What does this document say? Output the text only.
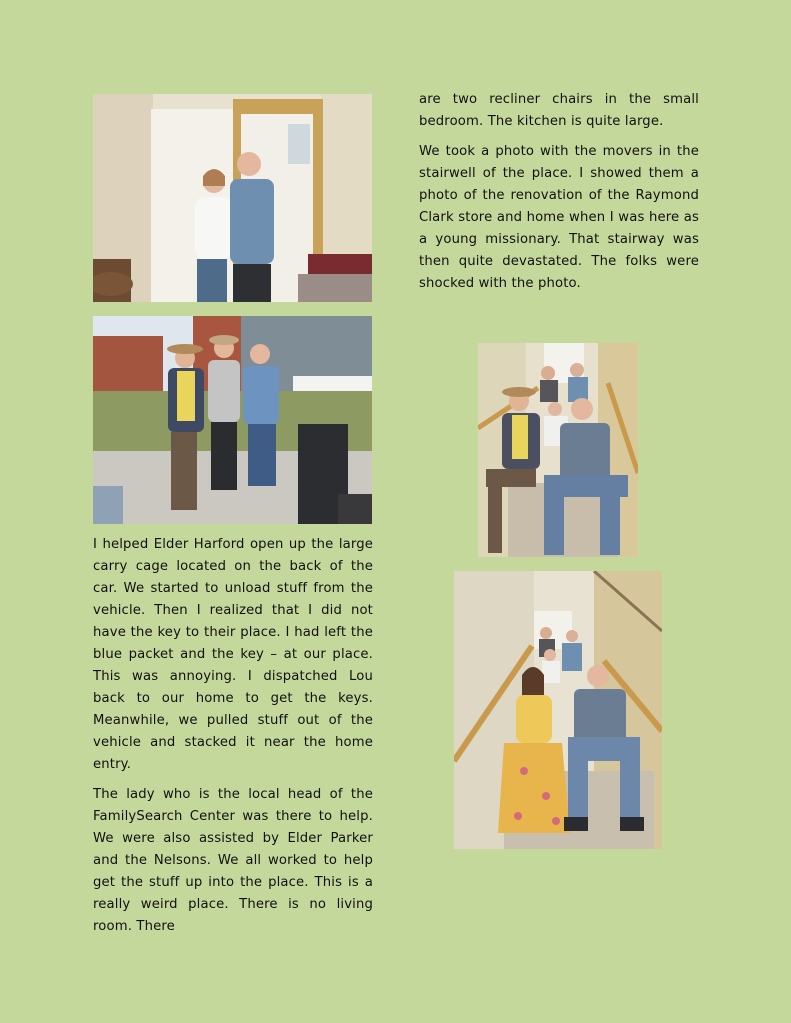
are two recliner chairs in the small bedroom. The kitchen is quite large.

We took a photo with the movers in the stairwell of the place. I showed them a photo of the renovation of the Raymond Clark store and home when I was here as a young missionary. That stairway was then quite devastated. The folks were shocked with the photo.

I helped Elder Harford open up the large carry cage located on the back of the car. We started to unload stuff from the vehicle. Then I realized that I did not have the key to their place. I had left the blue packet and the key – at our place. This was annoying. I dispatched Lou back to our home to get the keys. Meanwhile, we pulled stuff out of the vehicle and stacked it near the home entry.

The lady who is the local head of the FamilySearch Center was there to help. We were also assisted by Elder Parker and the Nelsons. We all worked to help get the stuff up into the place. This is a really weird place. There is no living room. There
